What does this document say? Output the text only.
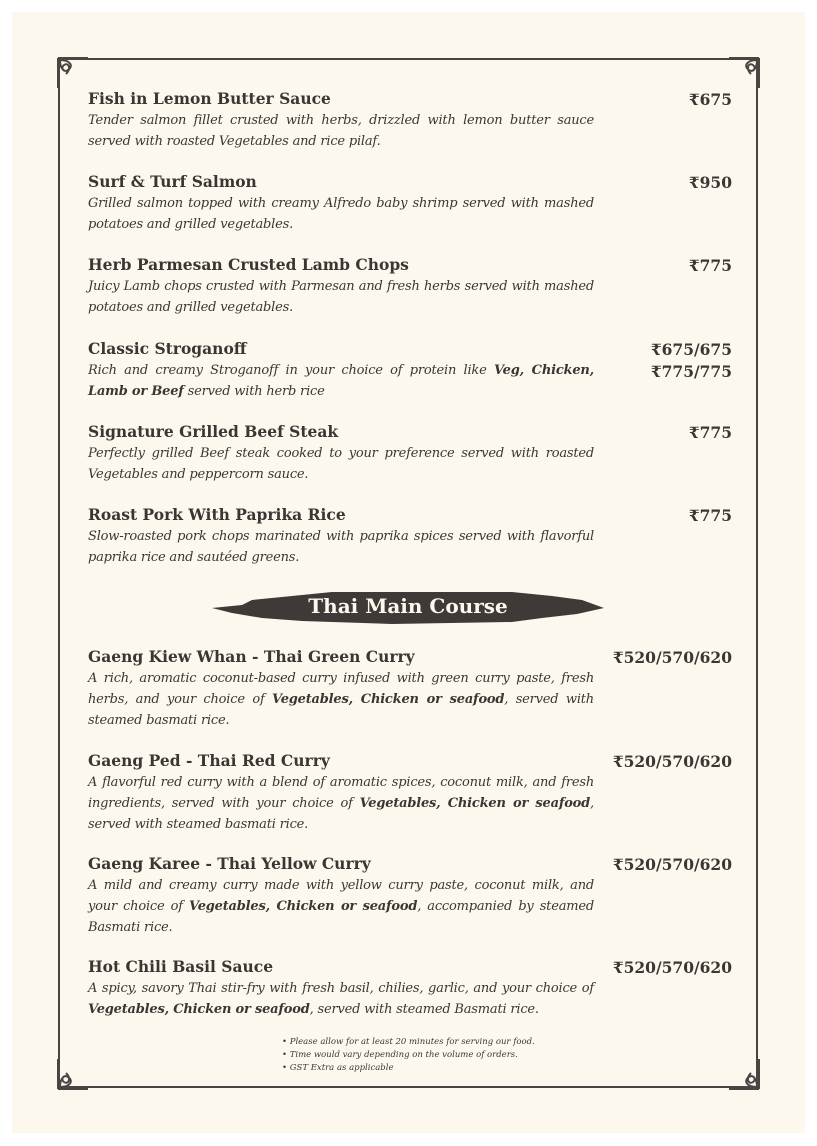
Fish in Lemon Butter Sauce	₹675
Tender salmon fillet crusted with herbs, drizzled with lemon butter sauce served with roasted Vegetables and rice pilaf.
Surf & Turf Salmon	₹950
Grilled salmon topped with creamy Alfredo baby shrimp served with mashed potatoes and grilled vegetables.
Herb Parmesan Crusted Lamb Chops	₹775
Juicy Lamb chops crusted with Parmesan and fresh herbs served with mashed potatoes and grilled vegetables.
Classic Stroganoff	₹675/675
₹775/775
Rich and creamy Stroganoff in your choice of protein like Veg, Chicken, Lamb or Beef served with herb rice
Signature Grilled Beef Steak	₹775
Perfectly grilled Beef steak cooked to your preference served with roasted Vegetables and peppercorn sauce.
Roast Pork With Paprika Rice	₹775
Slow-roasted pork chops marinated with paprika spices served with flavorful paprika rice and sautéed greens.
Thai Main Course
Gaeng Kiew Whan - Thai Green Curry	₹520/570/620
A rich, aromatic coconut-based curry infused with green curry paste, fresh herbs, and your choice of Vegetables, Chicken or seafood, served with steamed basmati rice.
Gaeng Ped - Thai Red Curry	₹520/570/620
A flavorful red curry with a blend of aromatic spices, coconut milk, and fresh ingredients, served with your choice of Vegetables, Chicken or seafood, served with steamed basmati rice.
Gaeng Karee - Thai Yellow Curry	₹520/570/620
A mild and creamy curry made with yellow curry paste, coconut milk, and your choice of Vegetables, Chicken or seafood, accompanied by steamed Basmati rice.
Hot Chili Basil Sauce	₹520/570/620
A spicy, savory Thai stir-fry with fresh basil, chilies, garlic, and your choice of Vegetables, Chicken or seafood, served with steamed Basmati rice.
• Please allow for at least 20 minutes for serving our food.
• Time would vary depending on the volume of orders.
• GST Extra as applicable
